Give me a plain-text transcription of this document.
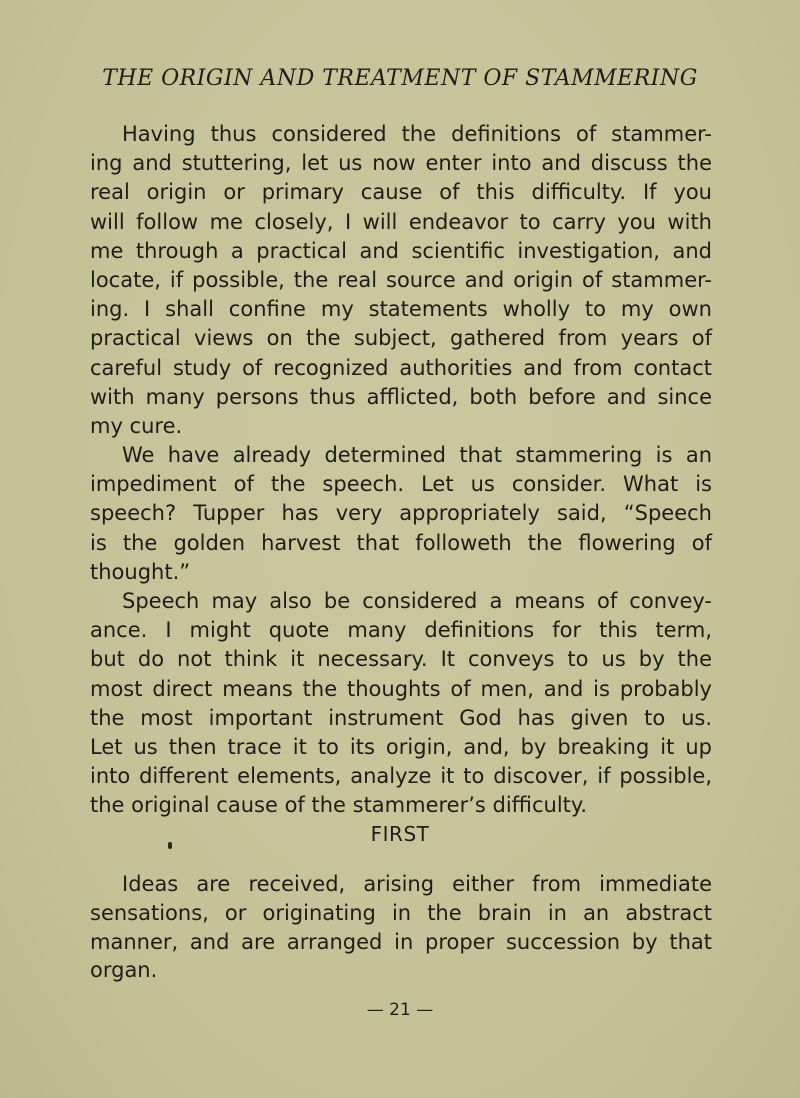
THE ORIGIN AND TREATMENT OF STAMMERING
Having thus considered the definitions of stammer-
ing and stuttering, let us now enter into and discuss the
real origin or primary cause of this difficulty. If you
will follow me closely, I will endeavor to carry you with
me through a practical and scientific investigation, and
locate, if possible, the real source and origin of stammer-
ing. I shall confine my statements wholly to my own
practical views on the subject, gathered from years of
careful study of recognized authorities and from contact
with many persons thus afflicted, both before and since
my cure.
We have already determined that stammering is an
impediment of the speech. Let us consider. What is
speech? Tupper has very appropriately said, “Speech
is the golden harvest that followeth the flowering of
thought.”
Speech may also be considered a means of convey-
ance. I might quote many definitions for this term,
but do not think it necessary. It conveys to us by the
most direct means the thoughts of men, and is probably
the most important instrument God has given to us.
Let us then trace it to its origin, and, by breaking it up
into different elements, analyze it to discover, if possible,
the original cause of the stammerer’s difficulty.
FIRST
Ideas are received, arising either from immediate
sensations, or originating in the brain in an abstract
manner, and are arranged in proper succession by that
organ.
— 21 —
